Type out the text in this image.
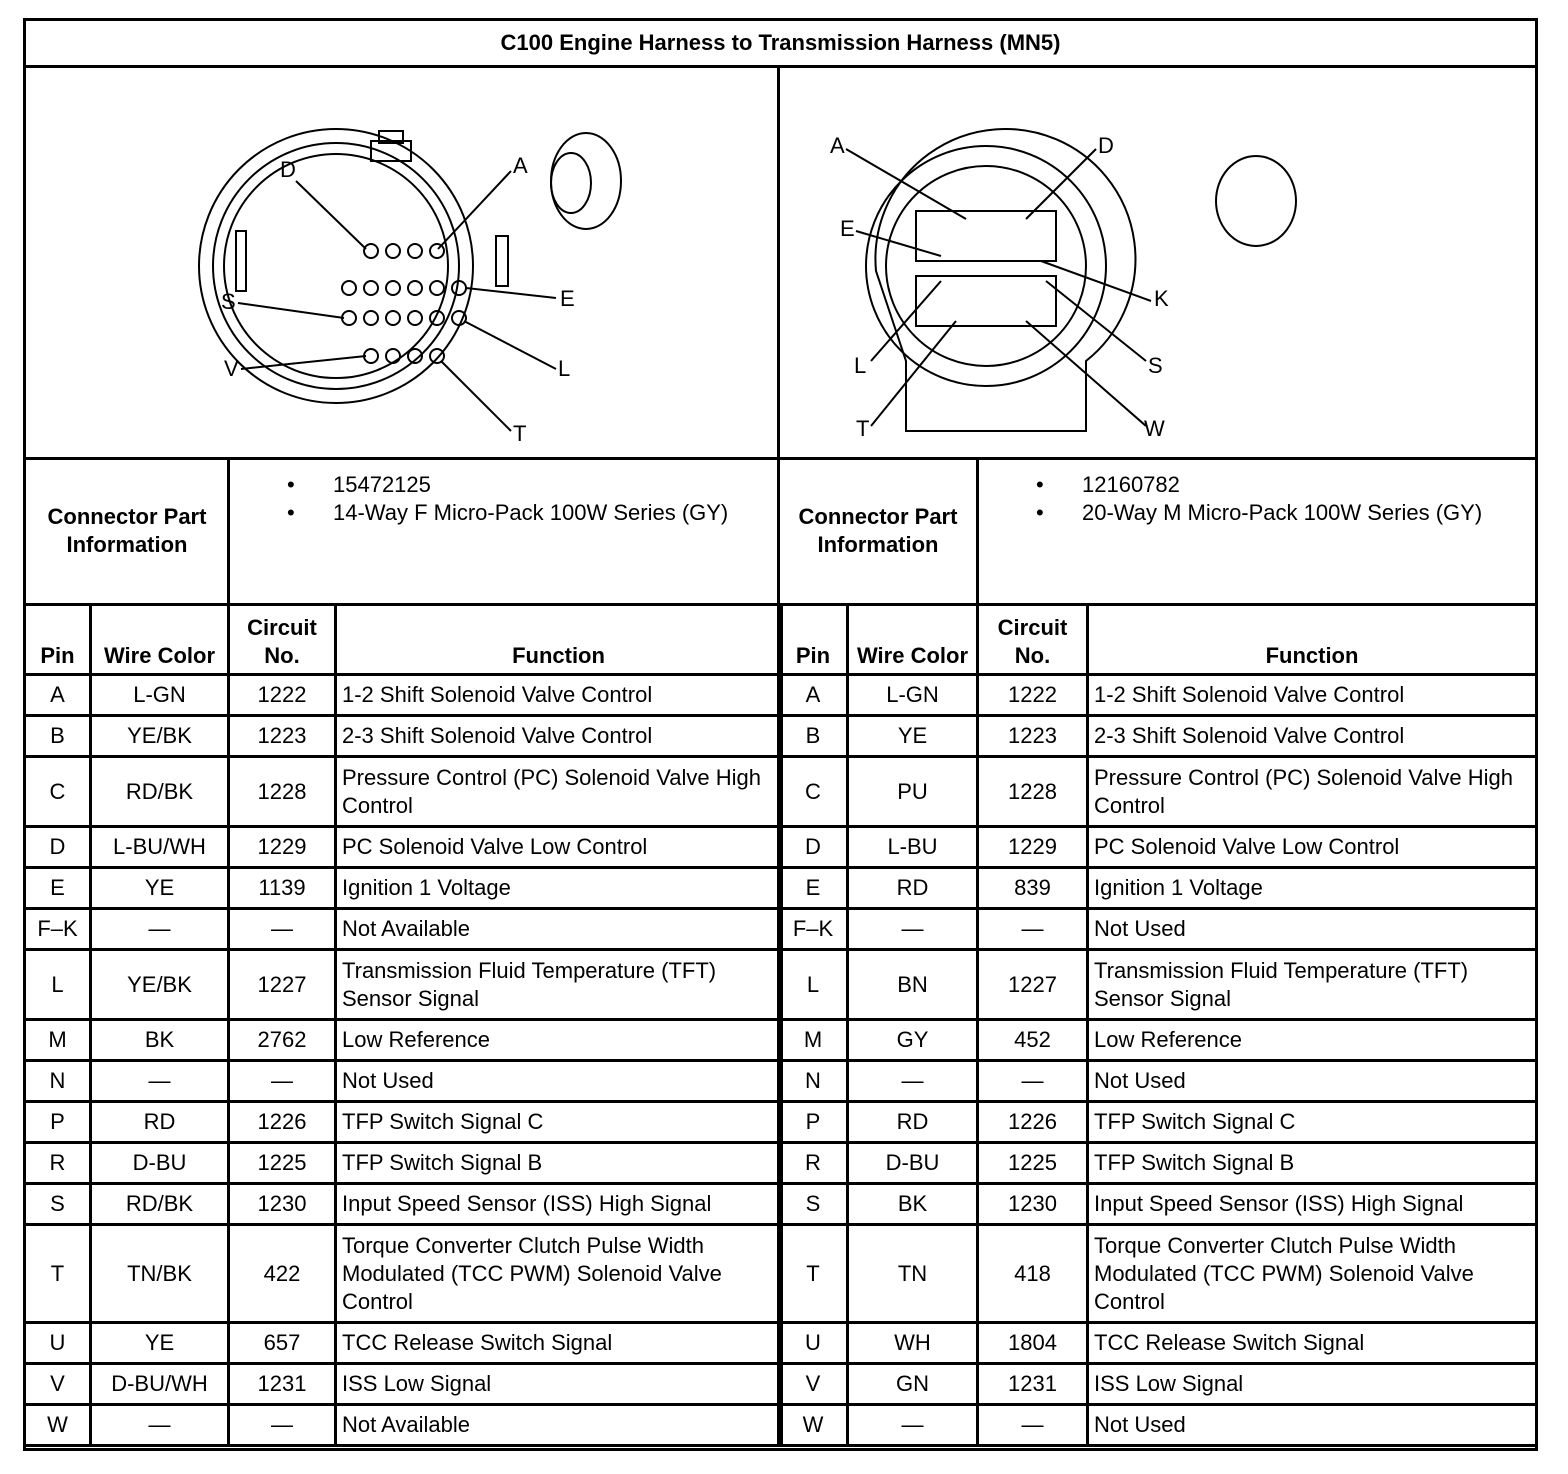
C100 Engine Harness to Transmission Harness (MN5)
D	A
S	E
V	L
T
A	D
E
K
L	S
T	W
Connector Part Information
• 15472125
• 14-Way F Micro-Pack 100W Series (GY)	Connector Part Information
• 12160782
• 20-Way M Micro-Pack 100W Series (GY)
Pin	Wire Color	Circuit No.	Function
A	L-GN	1222	1-2 Shift Solenoid Valve Control
B	YE/BK	1223	2-3 Shift Solenoid Valve Control
C	RD/BK	1228	Pressure Control (PC) Solenoid Valve High Control
D	L-BU/WH	1229	PC Solenoid Valve Low Control
E	YE	1139	Ignition 1 Voltage
F–K	—	—	Not Available
L	YE/BK	1227	Transmission Fluid Temperature (TFT) Sensor Signal
M	BK	2762	Low Reference
N	—	—	Not Used
P	RD	1226	TFP Switch Signal C
R	D-BU	1225	TFP Switch Signal B
S	RD/BK	1230	Input Speed Sensor (ISS) High Signal
T	TN/BK	422	Torque Converter Clutch Pulse Width Modulated (TCC PWM) Solenoid Valve Control
U	YE	657	TCC Release Switch Signal
V	D-BU/WH	1231	ISS Low Signal
W	—	—	Not Available
Pin	Wire Color	Circuit No.	Function
A	L-GN	1222	1-2 Shift Solenoid Valve Control
B	YE	1223	2-3 Shift Solenoid Valve Control
C	PU	1228	Pressure Control (PC) Solenoid Valve High Control
D	L-BU	1229	PC Solenoid Valve Low Control
E	RD	839	Ignition 1 Voltage
F–K	—	—	Not Used
L	BN	1227	Transmission Fluid Temperature (TFT) Sensor Signal
M	GY	452	Low Reference
N	—	—	Not Used
P	RD	1226	TFP Switch Signal C
R	D-BU	1225	TFP Switch Signal B
S	BK	1230	Input Speed Sensor (ISS) High Signal
T	TN	418	Torque Converter Clutch Pulse Width Modulated (TCC PWM) Solenoid Valve Control
U	WH	1804	TCC Release Switch Signal
V	GN	1231	ISS Low Signal
W	—	—	Not Used
